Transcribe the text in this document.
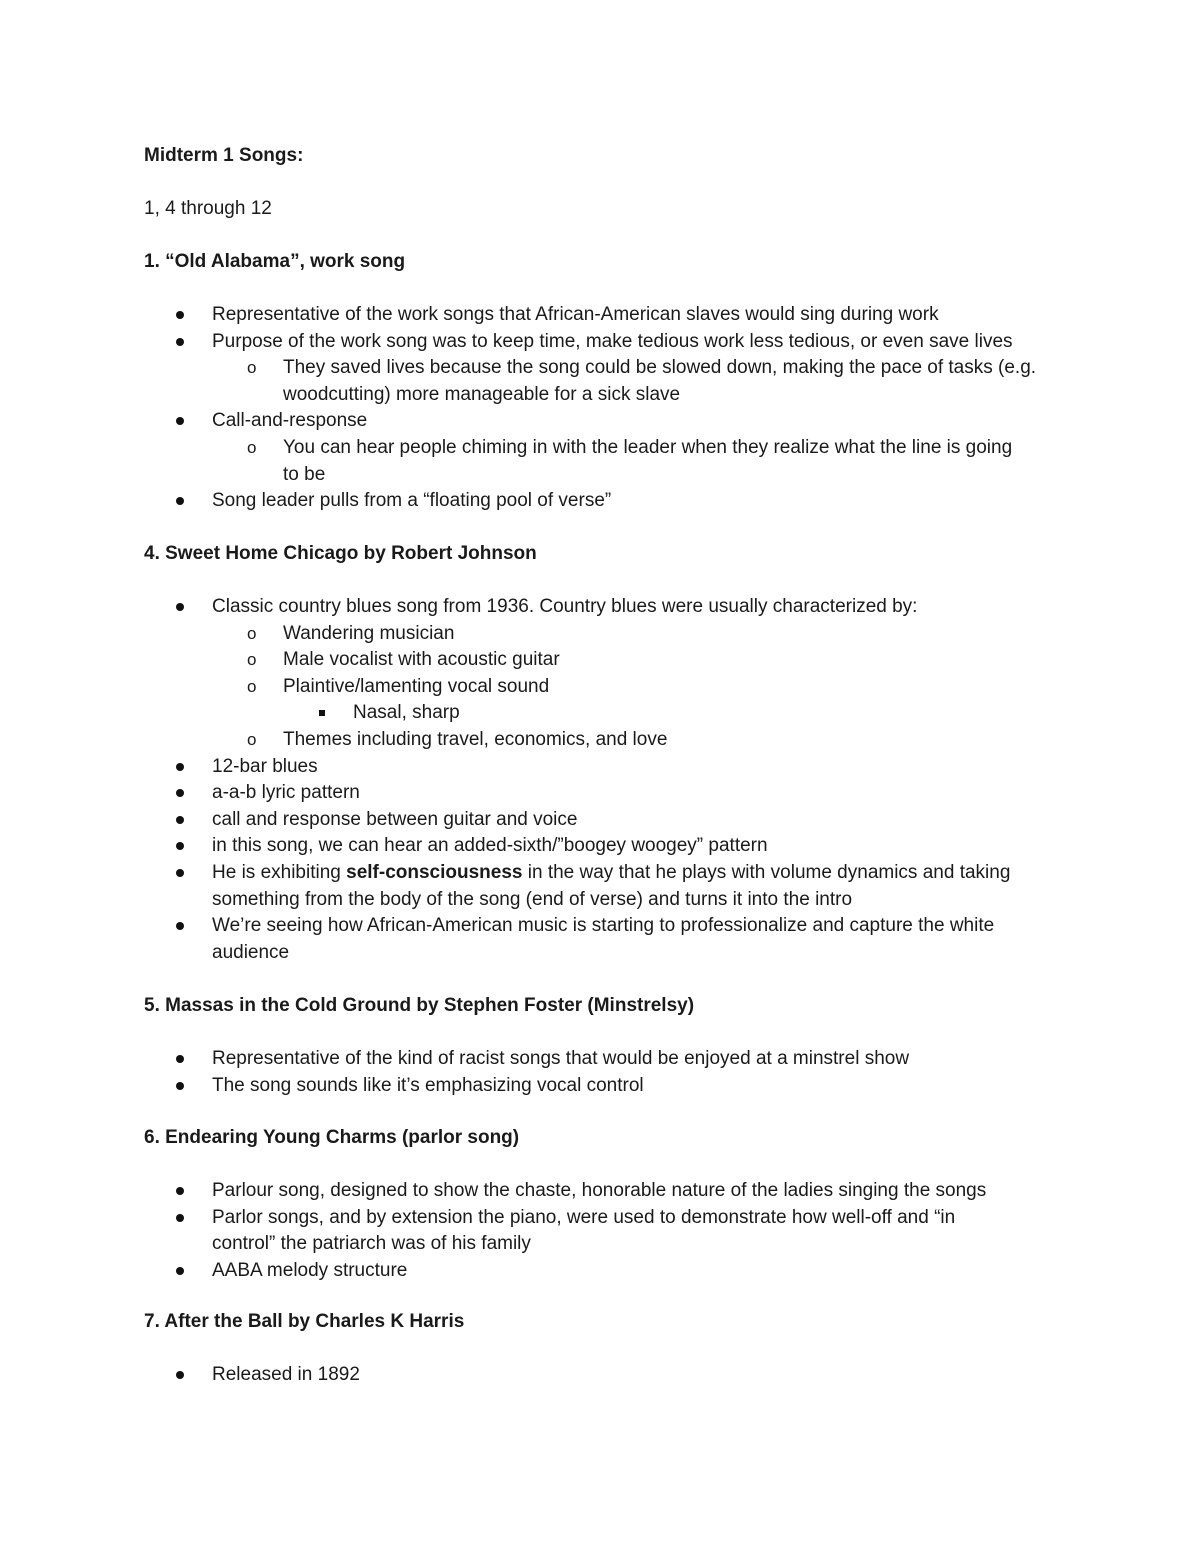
Midterm 1 Songs:
1, 4 through 12
1. “Old Alabama”, work song
Representative of the work songs that African-American slaves would sing during work
Purpose of the work song was to keep time, make tedious work less tedious, or even save lives
o They saved lives because the song could be slowed down, making the pace of tasks (e.g.
woodcutting) more manageable for a sick slave
Call-and-response
o You can hear people chiming in with the leader when they realize what the line is going
to be
Song leader pulls from a “floating pool of verse”
4. Sweet Home Chicago by Robert Johnson
Classic country blues song from 1936. Country blues were usually characterized by:
o Wandering musician
o Male vocalist with acoustic guitar
o Plaintive/lamenting vocal sound
Nasal, sharp
o Themes including travel, economics, and love
12-bar blues
a-a-b lyric pattern
call and response between guitar and voice
in this song, we can hear an added-sixth/”boogey woogey” pattern
He is exhibiting self-consciousness in the way that he plays with volume dynamics and taking
something from the body of the song (end of verse) and turns it into the intro
We’re seeing how African-American music is starting to professionalize and capture the white
audience
5. Massas in the Cold Ground by Stephen Foster (Minstrelsy)
Representative of the kind of racist songs that would be enjoyed at a minstrel show
The song sounds like it’s emphasizing vocal control
6. Endearing Young Charms (parlor song)
Parlour song, designed to show the chaste, honorable nature of the ladies singing the songs
Parlor songs, and by extension the piano, were used to demonstrate how well-off and “in
control” the patriarch was of his family
AABA melody structure
7. After the Ball by Charles K Harris
Released in 1892
